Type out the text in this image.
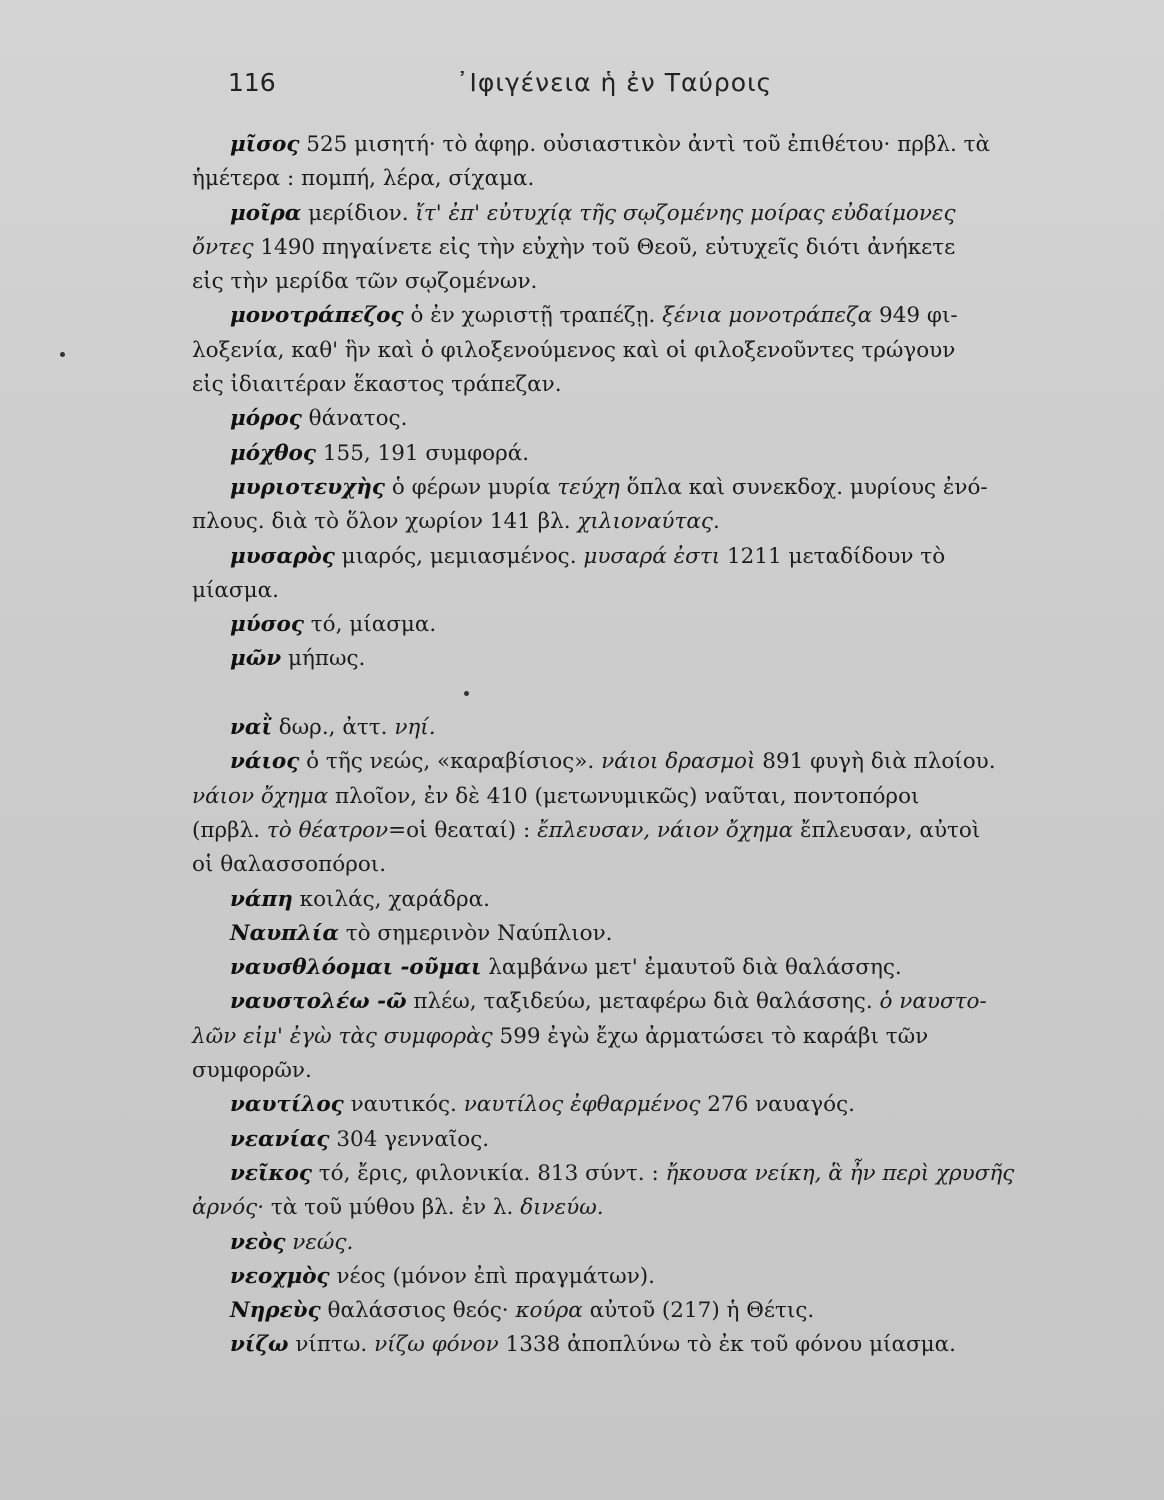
116	᾿Ιφιγένεια ἡ ἐν Ταύροις
μῖσος 525 μισητή· τὸ ἀφηρ. οὐσιαστικὸν ἀντὶ τοῦ ἐπιθέτου· πρβλ. τὰ
ἡμέτερα : πομπή, λέρα, σίχαμα.
μοῖρα μερίδιον. ἴτ' ἐπ' εὐτυχίᾳ τῆς σῳζομένης μοίρας εὐδαίμονες
ὄντες 1490 πηγαίνετε εἰς τὴν εὐχὴν τοῦ Θεοῦ, εὐτυχεῖς διότι ἀνήκετε
εἰς τὴν μερίδα τῶν σῳζομένων.
μονοτράπεζος ὁ ἐν χωριστῇ τραπέζῃ. ξένια μονοτράπεζα 949 φι-
λοξενία, καθ' ἣν καὶ ὁ φιλοξενούμενος καὶ οἱ φιλοξενοῦντες τρώγουν
εἰς ἰδιαιτέραν ἕκαστος τράπεζαν.
μόρος θάνατος.
μόχθος 155, 191 συμφορά.
μυριοτευχὴς ὁ φέρων μυρία τεύχη ὅπλα καὶ συνεκδοχ. μυρίους ἐνό-
πλους. διὰ τὸ ὅλον χωρίον 141 βλ. χιλιοναύτας.
μυσαρὸς μιαρός, μεμιασμένος. μυσαρά ἐστι 1211 μεταδίδουν τὸ
μίασμα.
μύσος τό, μίασμα.
μῶν μήπως.
ναῒ δωρ., ἀττ. νηί.
νάιος ὁ τῆς νεώς, «καραβίσιος». νάιοι δρασμοὶ 891 φυγὴ διὰ πλοίου.
νάιον ὄχημα πλοῖον, ἐν δὲ 410 (μετωνυμικῶς) ναῦται, ποντοπόροι
(πρβλ. τὸ θέατρον=οἱ θεαταί) : ἔπλευσαν, νάιον ὄχημα ἔπλευσαν, αὐτοὶ
οἱ θαλασσοπόροι.
νάπη κοιλάς, χαράδρα.
Ναυπλία τὸ σημερινὸν Ναύπλιον.
ναυσθλόομαι -οῦμαι λαμβάνω μετ' ἐμαυτοῦ διὰ θαλάσσης.
ναυστολέω -ῶ πλέω, ταξιδεύω, μεταφέρω διὰ θαλάσσης. ὁ ναυστο-
λῶν εἰμ' ἐγὼ τὰς συμφορὰς 599 ἐγὼ ἔχω ἀρματώσει τὸ καράβι τῶν
συμφορῶν.
ναυτίλος ναυτικός. ναυτίλος ἐφθαρμένος 276 ναυαγός.
νεανίας 304 γενναῖος.
νεῖκος τό, ἔρις, φιλονικία. 813 σύντ. : ἤκουσα νείκη, ἃ ἦν περὶ χρυσῆς
ἀρνός· τὰ τοῦ μύθου βλ. ἐν λ. δινεύω.
νεὸς νεώς.
νεοχμὸς νέος (μόνον ἐπὶ πραγμάτων).
Νηρεὺς θαλάσσιος θεός· κούρα αὐτοῦ (217) ἡ Θέτις.
νίζω νίπτω. νίζω φόνον 1338 ἀποπλύνω τὸ ἐκ τοῦ φόνου μίασμα.
